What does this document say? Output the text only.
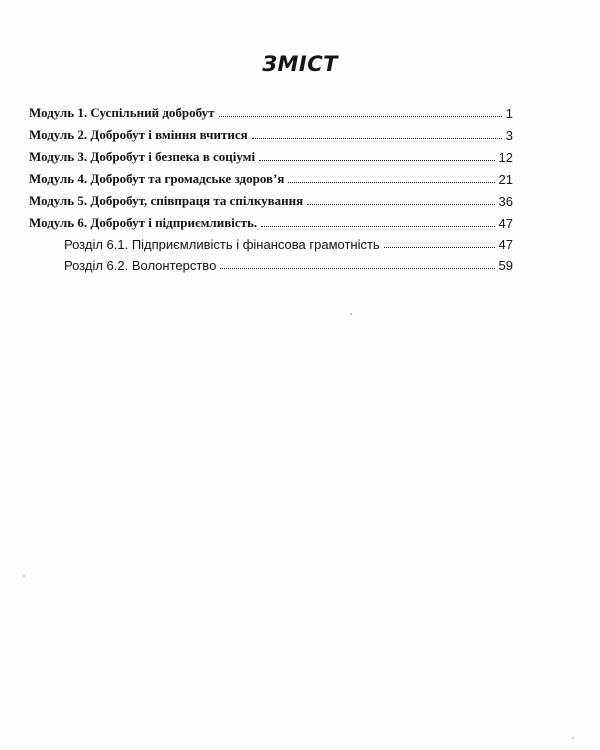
ЗМІСТ
Модуль 1. Суспільний добробут	1
Модуль 2. Добробут і вміння вчитися	3
Модуль 3. Добробут і безпека в соціумі	12
Модуль 4. Добробут та громадське здоров’я	21
Модуль 5. Добробут, співпраця та спілкування	36
Модуль 6. Добробут і підприємливість.	47
Розділ 6.1. Підприємливість і фінансова грамотність	47
Розділ 6.2. Волонтерство	59
